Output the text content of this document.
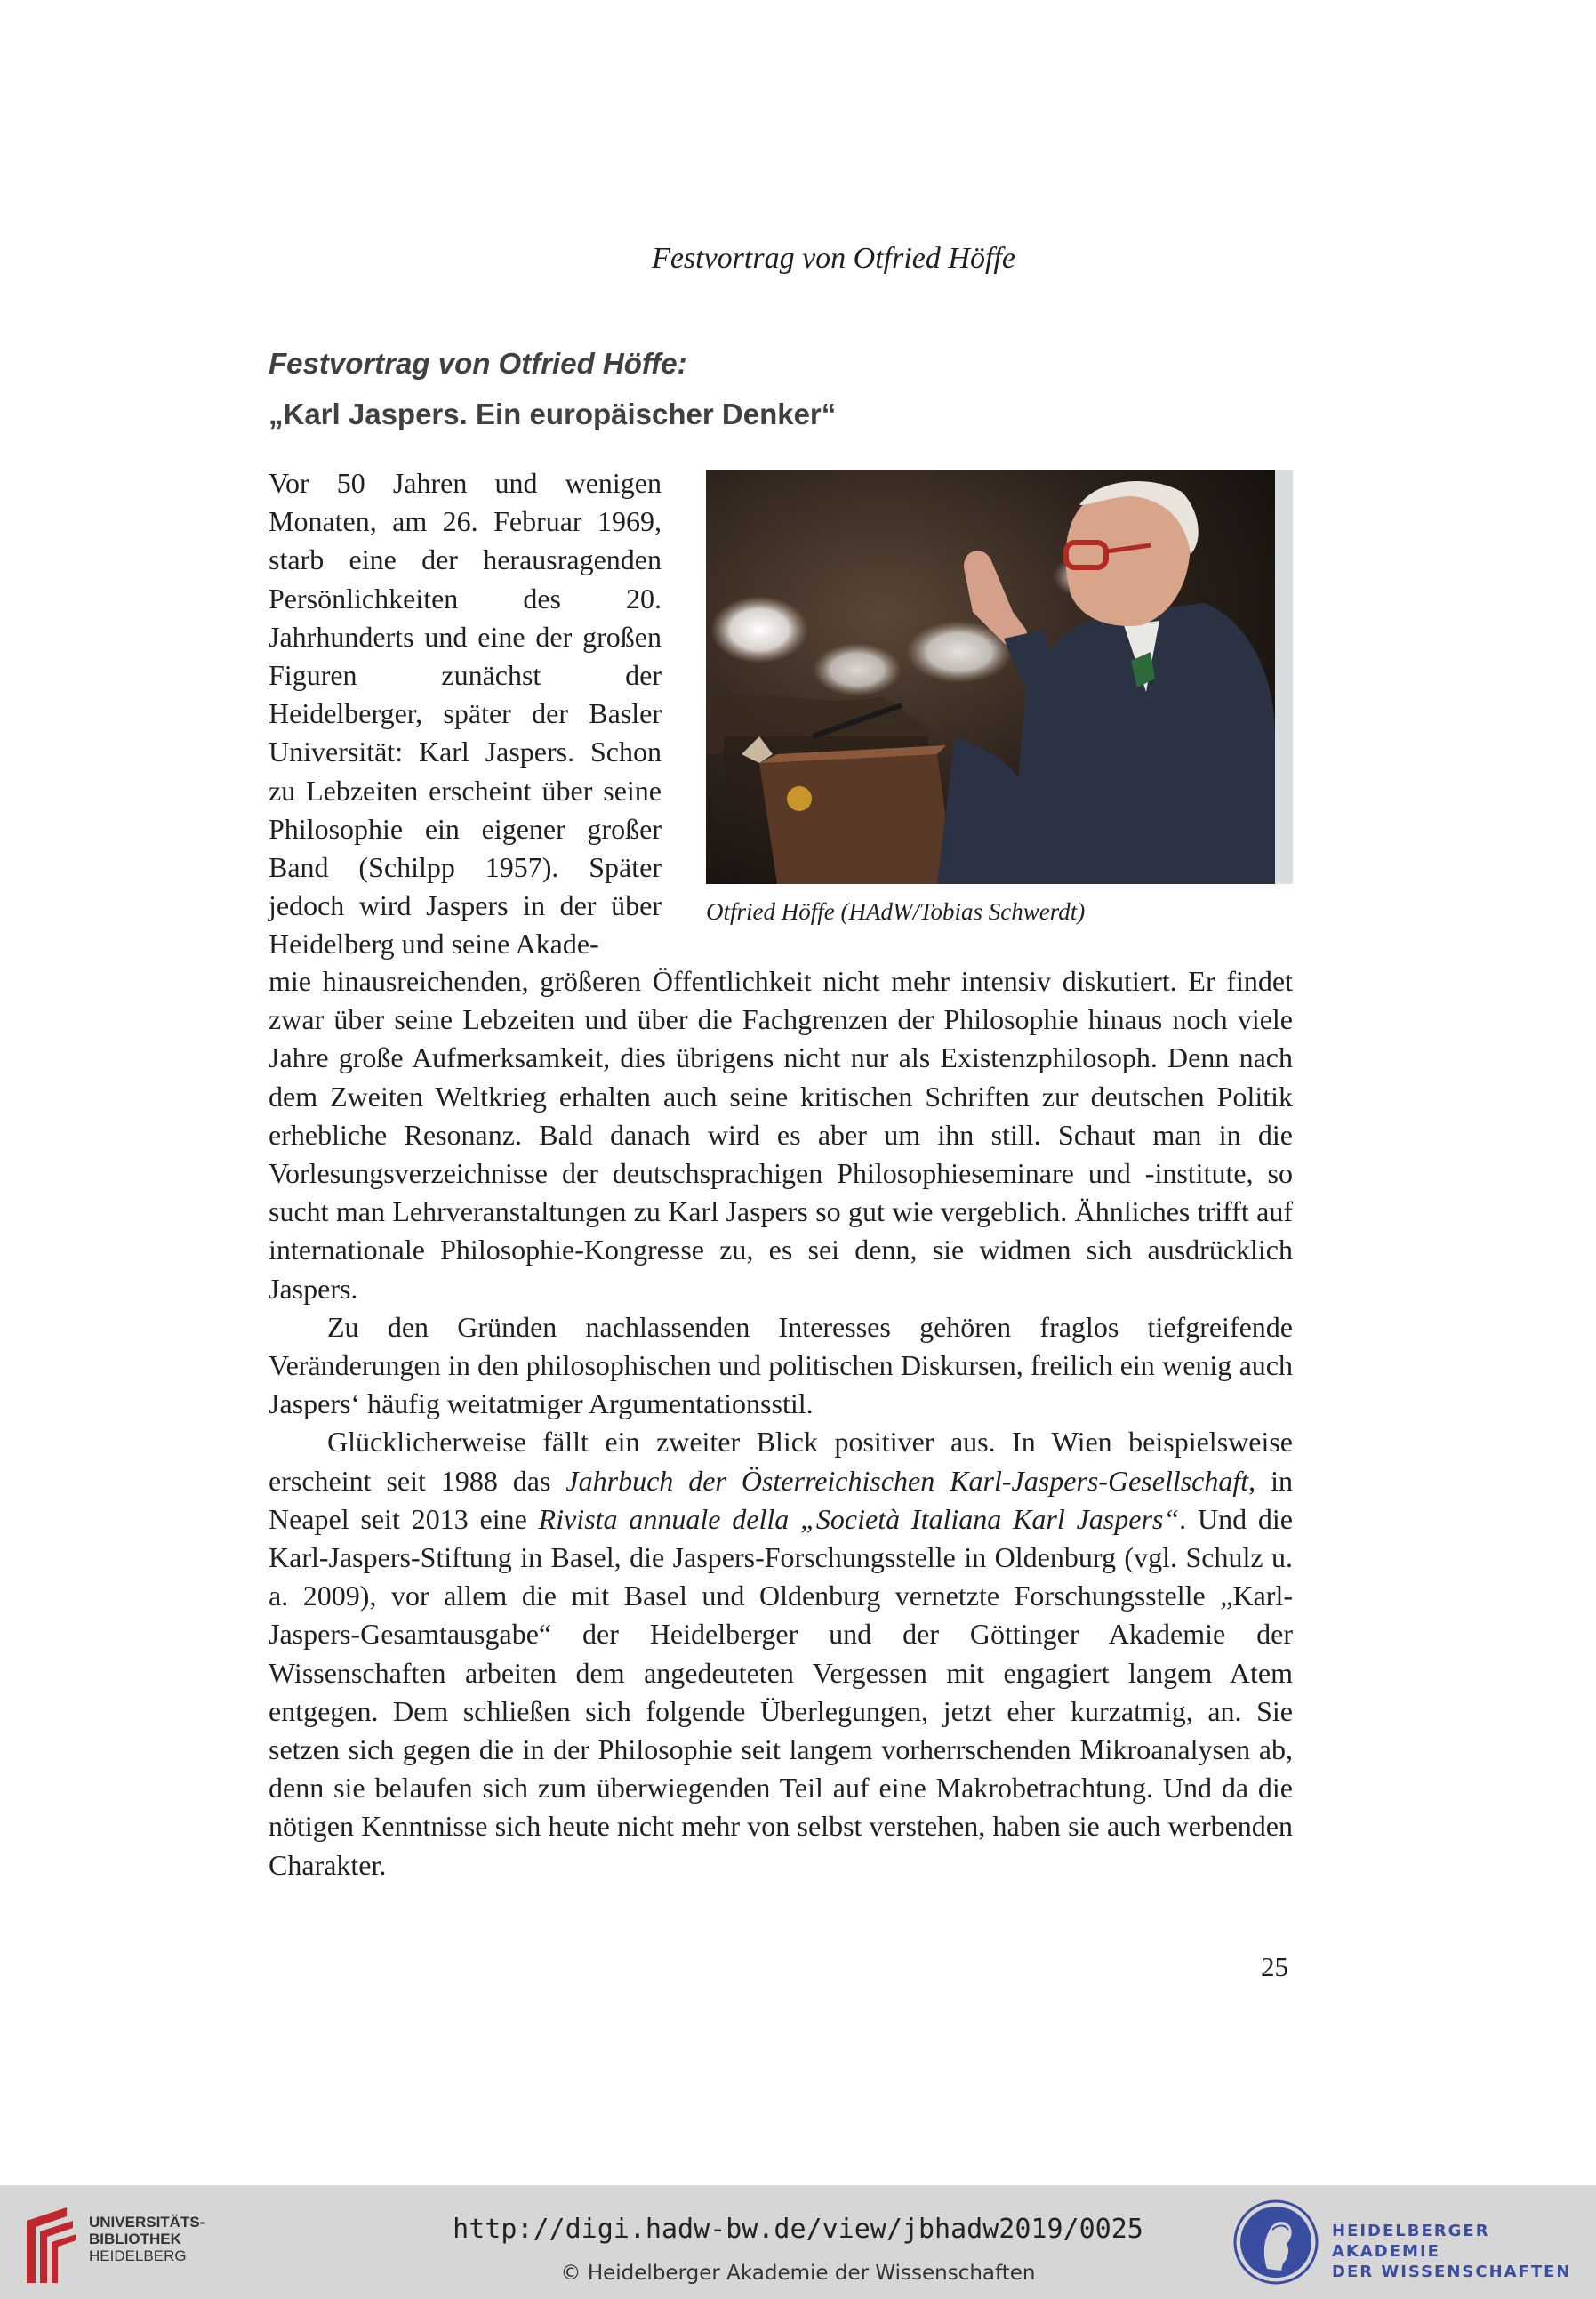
Festvortrag von Otfried Höffe
Festvortrag von Otfried Höffe:
„Karl Jaspers. Ein europäischer Denker“
Otfried Höffe (HAdW/Tobias Schwerdt)

Vor 50 Jahren und wenigen Monaten, am 26. Februar 1969, starb eine der herausragenden Persönlichkeiten des 20. Jahrhunderts und eine der großen Figuren zunächst der Heidelberger, später der Basler Universität: Karl Jaspers. Schon zu Lebzeiten erscheint über seine Philosophie ein eigener großer Band (Schilpp 1957). Später jedoch wird Jaspers in der über Heidelberg und seine Akade-

mie hinausreichenden, größeren Öffentlichkeit nicht mehr intensiv diskutiert. Er findet zwar über seine Lebzeiten und über die Fachgrenzen der Philosophie hinaus noch viele Jahre große Aufmerksamkeit, dies übrigens nicht nur als Existenzphilosoph. Denn nach dem Zweiten Weltkrieg erhalten auch seine kritischen Schriften zur deutschen Politik erhebliche Resonanz. Bald danach wird es aber um ihn still. Schaut man in die Vorlesungsverzeichnisse der deutschsprachigen Philosophieseminare und -institute, so sucht man Lehrveranstaltungen zu Karl Jaspers so gut wie vergeblich. Ähnliches trifft auf internationale Philosophie-Kongresse zu, es sei denn, sie widmen sich ausdrücklich Jaspers.

Zu den Gründen nachlassenden Interesses gehören fraglos tiefgreifende Veränderungen in den philosophischen und politischen Diskursen, freilich ein wenig auch Jaspers‘ häufig weitatmiger Argumentationsstil.

Glücklicherweise fällt ein zweiter Blick positiver aus. In Wien beispielsweise erscheint seit 1988 das Jahrbuch der Österreichischen Karl-Jaspers-Gesellschaft, in Neapel seit 2013 eine Rivista annuale della „Società Italiana Karl Jaspers“. Und die Karl-Jaspers-Stiftung in Basel, die Jaspers-Forschungsstelle in Oldenburg (vgl. Schulz u. a. 2009), vor allem die mit Basel und Oldenburg vernetzte Forschungsstelle „Karl-Jaspers-Gesamtausgabe“ der Heidelberger und der Göttinger Akademie der Wissenschaften arbeiten dem angedeuteten Vergessen mit engagiert langem Atem entgegen. Dem schließen sich folgende Überlegungen, jetzt eher kurzatmig, an. Sie setzen sich gegen die in der Philosophie seit langem vorherrschenden Mikroanalysen ab, denn sie belaufen sich zum überwiegenden Teil auf eine Makrobetrachtung. Und da die nötigen Kenntnisse sich heute nicht mehr von selbst verstehen, haben sie auch werbenden Charakter.

25
UNIVERSITÄTS-
BIBLIOTHEK
HEIDELBERG
http://digi.hadw-bw.de/view/jbhadw2019/0025
© Heidelberger Akademie der Wissenschaften
HEIDELBERGER AKADEMIE
DER WISSENSCHAFTEN
